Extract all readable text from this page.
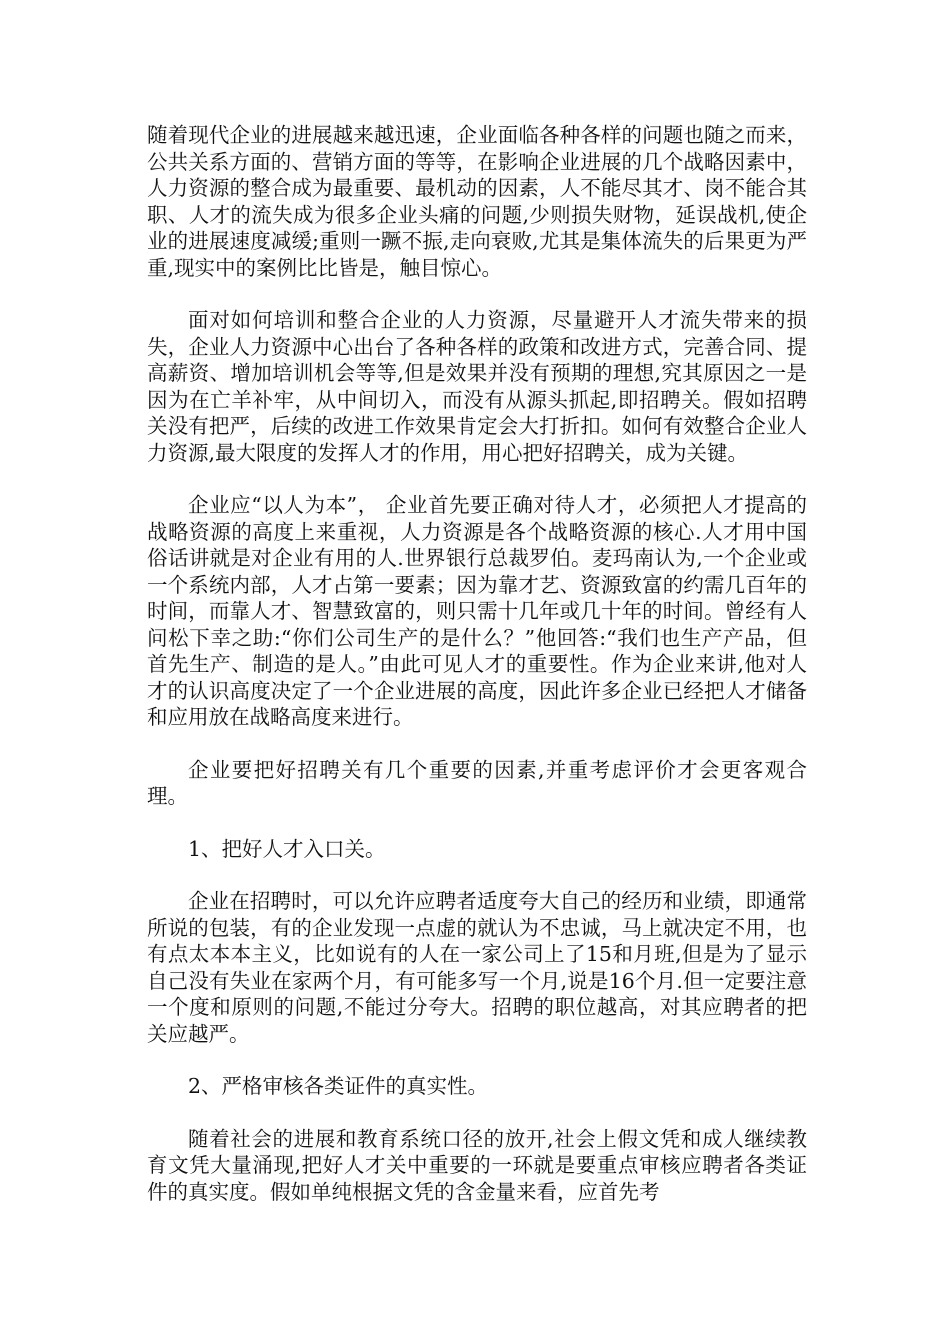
随着现代企业的进展越来越迅速，企业面临各种各样的问题也随之而来，公共关系方面的、营销方面的等等，在影响企业进展的几个战略因素中，人力资源的整合成为最重要、最机动的因素，人不能尽其才、岗不能合其职、人才的流失成为很多企业头痛的问题,少则损失财物，延误战机,使企业的进展速度减缓;重则一蹶不振,走向衰败,尤其是集体流失的后果更为严重,现实中的案例比比皆是，触目惊心。

面对如何培训和整合企业的人力资源，尽量避开人才流失带来的损失，企业人力资源中心出台了各种各样的政策和改进方式，完善合同、提高薪资、增加培训机会等等,但是效果并没有预期的理想,究其原因之一是因为在亡羊补牢，从中间切入，而没有从源头抓起,即招聘关。假如招聘关没有把严，后续的改进工作效果肯定会大打折扣。如何有效整合企业人力资源,最大限度的发挥人才的作用，用心把好招聘关，成为关键。

企业应“以人为本”， 企业首先要正确对待人才，必须把人才提高的战略资源的高度上来重视，人力资源是各个战略资源的核心.人才用中国俗话讲就是对企业有用的人.世界银行总裁罗伯。麦玛南认为,一个企业或一个系统内部，人才占第一要素；因为靠才艺、资源致富的约需几百年的时间，而靠人才、智慧致富的，则只需十几年或几十年的时间。曾经有人问松下幸之助:“你们公司生产的是什么？”他回答:“我们也生产产品，但首先生产、制造的是人。”由此可见人才的重要性。作为企业来讲,他对人才的认识高度决定了一个企业进展的高度，因此许多企业已经把人才储备和应用放在战略高度来进行。

企业要把好招聘关有几个重要的因素,并重考虑评价才会更客观合理。

1、把好人才入口关。

企业在招聘时，可以允许应聘者适度夸大自己的经历和业绩，即通常所说的包装，有的企业发现一点虚的就认为不忠诚，马上就决定不用，也有点太本本主义，比如说有的人在一家公司上了15和月班,但是为了显示自己没有失业在家两个月，有可能多写一个月,说是16个月.但一定要注意一个度和原则的问题,不能过分夸大。招聘的职位越高，对其应聘者的把关应越严。

2、严格审核各类证件的真实性。

随着社会的进展和教育系统口径的放开,社会上假文凭和成人继续教育文凭大量涌现,把好人才关中重要的一环就是要重点审核应聘者各类证件的真实度。假如单纯根据文凭的含金量来看，应首先考
